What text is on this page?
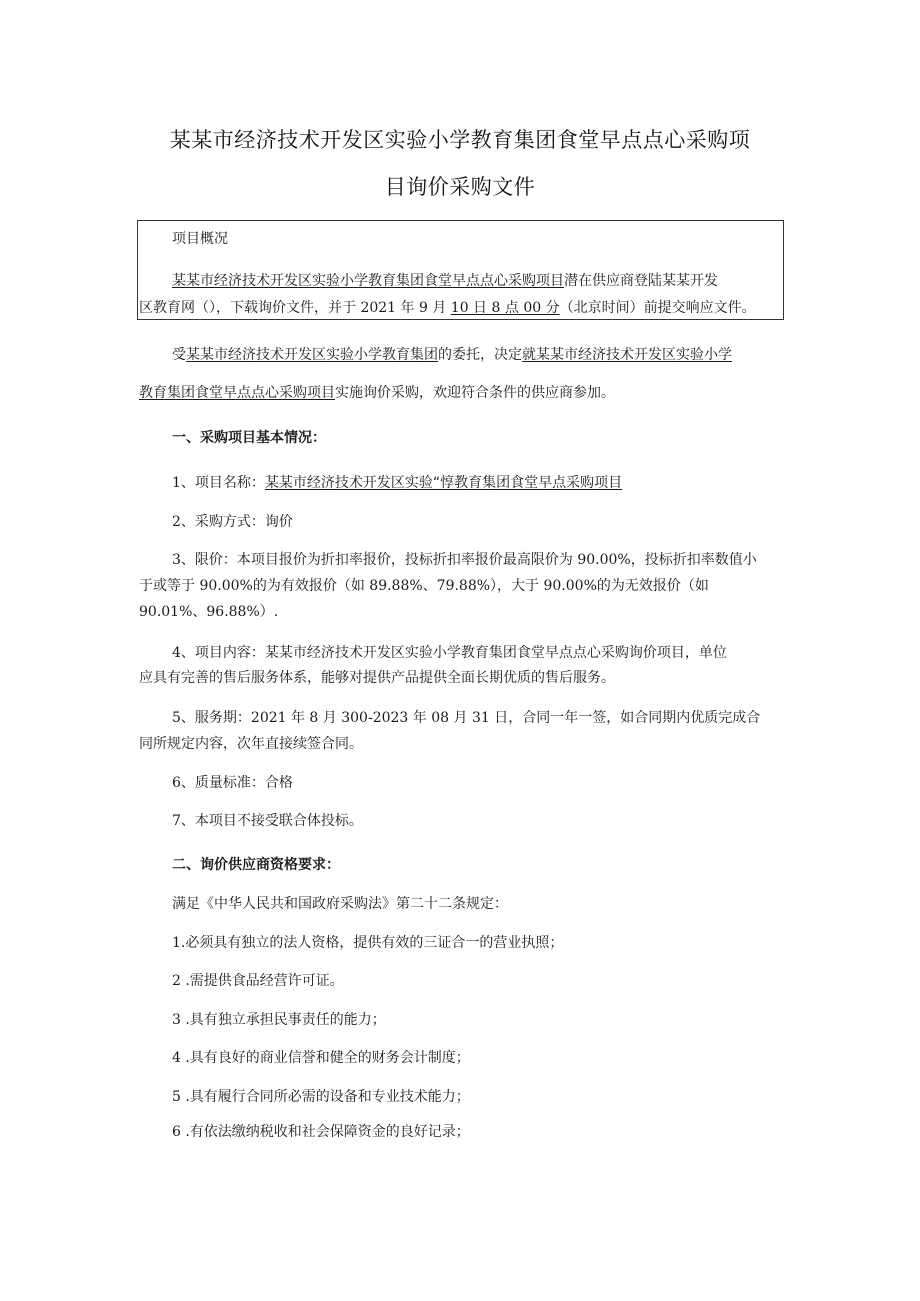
某某市经济技术开发区实验小学教育集团食堂早点点心采购项
目询价采购文件
项目概况
某某市经济技术开发区实验小学教育集团食堂早点点心采购项目潜在供应商登陆某某开发
区教育网（），下载询价文件，并于 2021 年 9 月 10 日 8 点 00 分（北京时间）前提交响应文件。
受某某市经济技术开发区实验小学教育集团的委托，决定就某某市经济技术开发区实验小学
教育集团食堂早点点心采购项目实施询价采购，欢迎符合条件的供应商参加。
一、采购项目基本情况：
1、项目名称：某某市经济技术开发区实验“惇教育集团食堂早点采购项目
2、采购方式：询价
3、限价：本项目报价为折扣率报价，投标折扣率报价最高限价为 90.00%，投标折扣率数值小
于或等于 90.00%的为有效报价（如 89.88%、79.88%），大于 90.00%的为无效报价（如
90.01%、96.88%）.
4、项目内容：某某市经济技术开发区实验小学教育集团食堂早点点心采购询价项目，单位
应具有完善的售后服务体系，能够对提供产品提供全面长期优质的售后服务。
5、服务期：2021 年 8 月 300-2023 年 08 月 31 日，合同一年一签，如合同期内优质完成合
同所规定内容，次年直接续签合同。
6、质量标准：合格
7、本项目不接受联合体投标。
二、询价供应商资格要求：
满足《中华人民共和国政府采购法》第二十二条规定：
1.必须具有独立的法人资格，提供有效的三证合一的营业执照；
2 .需提供食品经营许可证。
3 .具有独立承担民事责任的能力；
4 .具有良好的商业信誉和健全的财务会计制度；
5 .具有履行合同所必需的设备和专业技术能力；
6 .有依法缴纳税收和社会保障资金的良好记录；
